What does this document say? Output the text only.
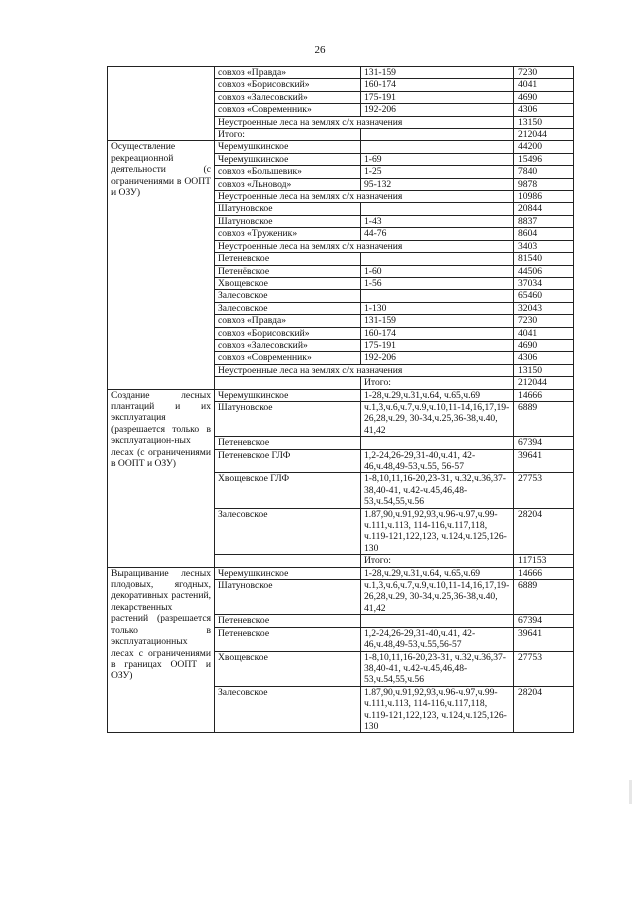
26
	совхоз «Правда»	131-159	7230
	совхоз «Борисовский»	160-174	4041
	совхоз «Залесовский»	175-191	4690
	совхоз «Современник»	192-206	4306
	Неустроенные леса на землях с/х назначения		13150
	Итого:		212044
Осуществление рекреационной деятельности (с ограничениями в ООПТ и ОЗУ)	Черемушкинское		44200
	Черемушкинское	1-69	15496
	совхоз «Большевик»	1-25	7840
	совхоз «Льновод»	95-132	9878
	Неустроенные леса на землях с/х назначения		10986
	Шатуновское		20844
	Шатуновское	1-43	8837
	совхоз «Труженик»	44-76	8604
	Неустроенные леса на землях с/х назначения		3403
	Петеневское		81540
	Петенёвское	1-60	44506
	Хвощевское	1-56	37034
	Залесовское		65460
	Залесовское	1-130	32043
	совхоз «Правда»	131-159	7230
	совхоз «Борисовский»	160-174	4041
	совхоз «Залесовский»	175-191	4690
	совхоз «Современник»	192-206	4306
	Неустроенные леса на землях с/х назначения		13150
		Итого:	212044
Создание лесных плантаций и их эксплуатация (разрешается только в эксплуатацион-ных лесах (с ограничениями в ООПТ и ОЗУ)	Черемушкинское	1-28,ч.29,ч.31,ч.64, ч.65,ч.69	14666
	Шатуновское	ч.1,3,ч.6,ч.7,ч.9,ч.10,11-14,16,17,19-26,28,ч.29, 30-34,ч.25,36-38,ч.40, 41,42	6889
	Петеневское		67394
	Петеневское ГЛФ	1,2-24,26-29,31-40,ч.41, 42-46,ч.48,49-53,ч.55, 56-57	39641
	Хвощевское ГЛФ	1-8,10,11,16-20,23-31, ч.32,ч.36,37-38,40-41, ч.42-ч.45,46,48-53,ч.54,55,ч.56	27753
	Залесовское	1.87,90,ч.91,92,93,ч.96-ч.97,ч.99-ч.111,ч.113, 114-116,ч.117,118, ч.119-121,122,123, ч.124,ч.125,126-130	28204
		Итого:	117153
Выращивание лесных плодовых, ягодных, декоративных растений, лекарственных растений (разрешается только в эксплуатационных лесах с ограничениями в границах ООПТ и ОЗУ)	Черемушкинское	1-28,ч.29,ч.31,ч.64, ч.65,ч.69	14666
	Шатуновское	ч.1,3,ч.6,ч.7,ч.9,ч.10,11-14,16,17,19-26,28,ч.29, 30-34,ч.25,36-38,ч.40, 41,42	6889
	Петеневское		67394
	Петеневское	1,2-24,26-29,31-40,ч.41, 42-46,ч.48,49-53,ч.55,56-57	39641
	Хвощевское	1-8,10,11,16-20,23-31, ч.32,ч.36,37-38,40-41, ч.42-ч.45,46,48-53,ч.54,55,ч.56	27753
	Залесовское	1.87,90,ч.91,92,93,ч.96-ч.97,ч.99-ч.111,ч.113, 114-116,ч.117,118, ч.119-121,122,123, ч.124,ч.125,126-130	28204
